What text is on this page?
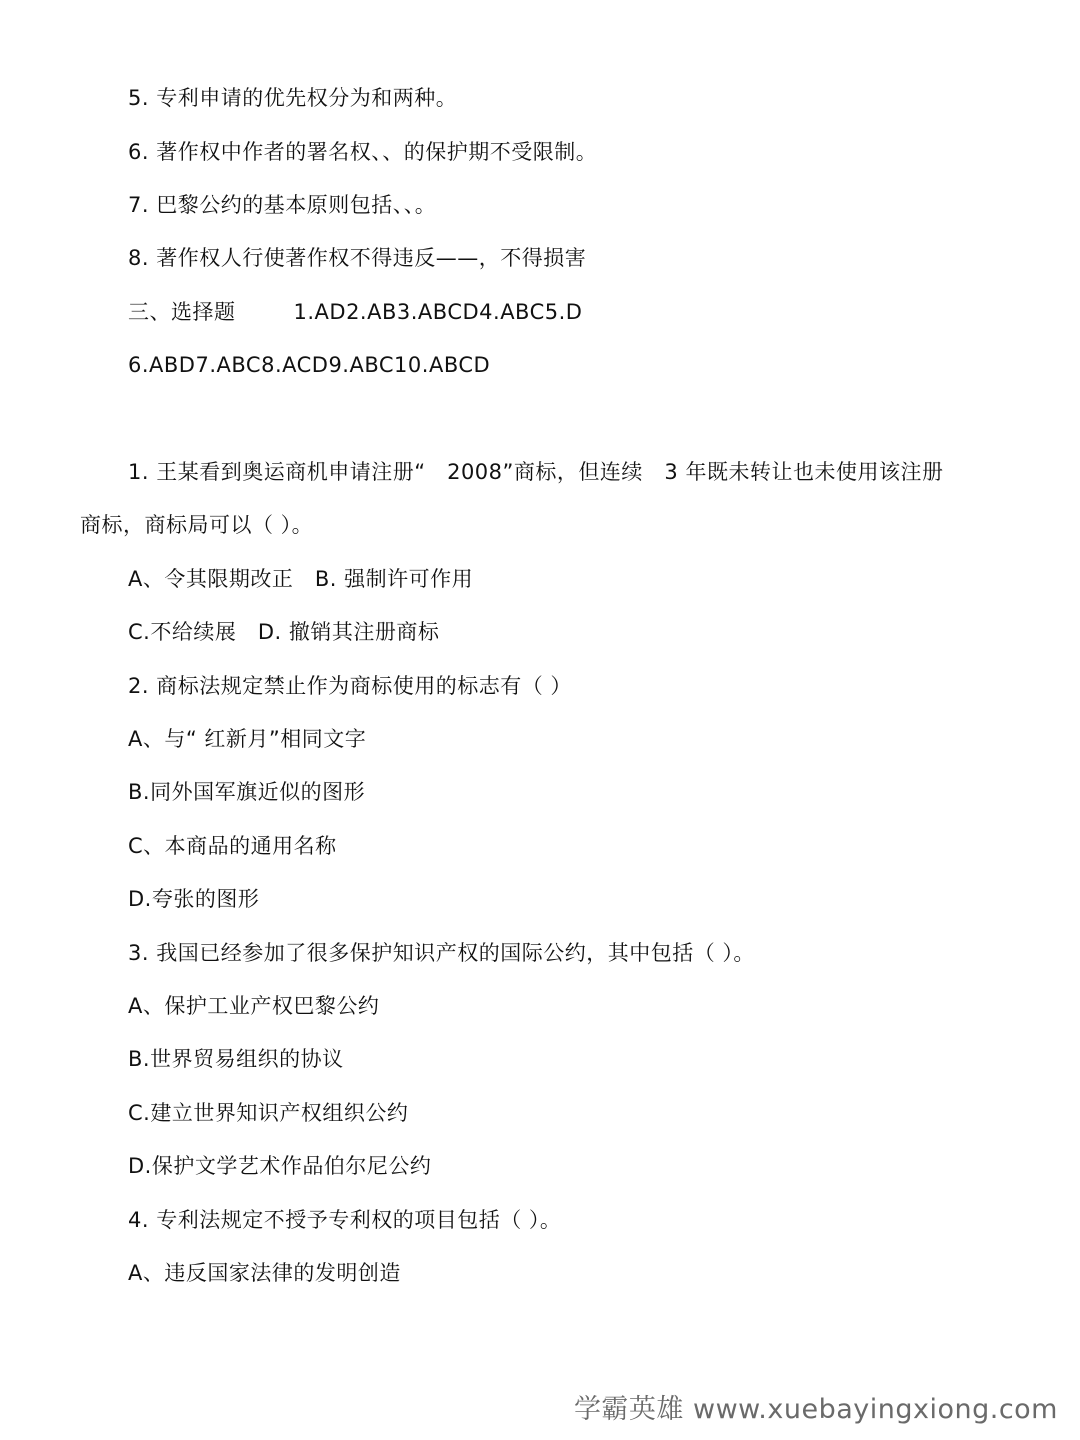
5. 专利申请的优先权分为和两种。
6. 著作权中作者的署名权、、的保护期不受限制。
7. 巴黎公约的基本原则包括、、。
8. 著作权人行使著作权不得违反——，不得损害
三、选择题	1.AD2.AB3.ABCD4.ABC5.D
6.ABD7.ABC8.ACD9.ABC10.ABCD
1. 王某看到奥运商机申请注册“　2008”商标，但连续　3 年既未转让也未使用该注册
商标，商标局可以（ ）。
A、令其限期改正　B. 强制许可作用
C.不给续展　D. 撤销其注册商标
2. 商标法规定禁止作为商标使用的标志有（ ）
A、与“ 红新月”相同文字
B.同外国军旗近似的图形
C、本商品的通用名称
D.夸张的图形
3. 我国已经参加了很多保护知识产权的国际公约，其中包括（ ）。
A、保护工业产权巴黎公约
B.世界贸易组织的协议
C.建立世界知识产权组织公约
D.保护文学艺术作品伯尔尼公约
4. 专利法规定不授予专利权的项目包括（ ）。
A、违反国家法律的发明创造
学霸英雄 www.xuebayingxiong.com
